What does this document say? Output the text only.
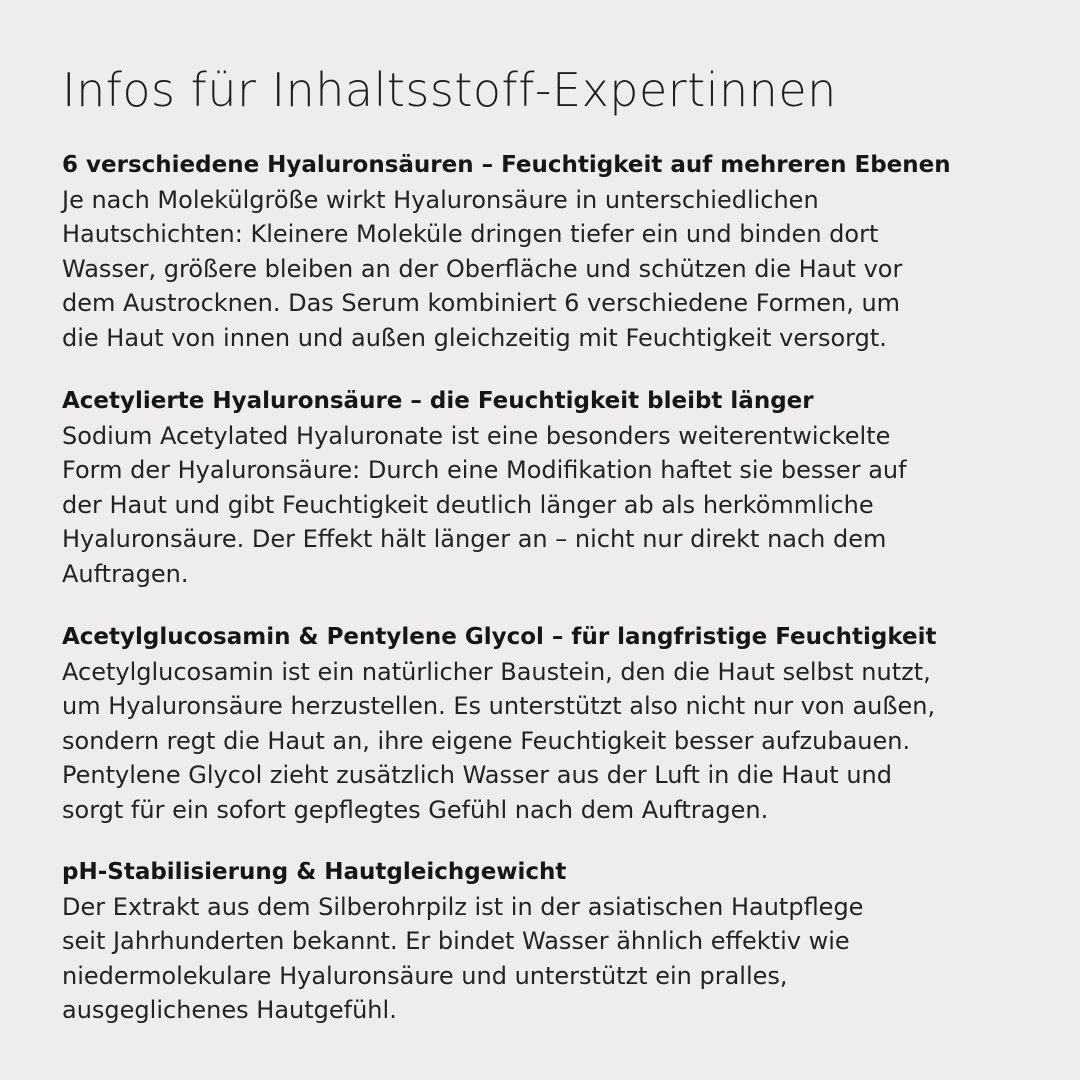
Infos für Inhaltsstoff-Expertinnen
6 verschiedene Hyaluronsäuren – Feuchtigkeit auf mehreren Ebenen
Je nach Molekülgröße wirkt Hyaluronsäure in unterschiedlichen
Hautschichten: Kleinere Moleküle dringen tiefer ein und binden dort
Wasser, größere bleiben an der Oberfläche und schützen die Haut vor
dem Austrocknen. Das Serum kombiniert 6 verschiedene Formen, um
die Haut von innen und außen gleichzeitig mit Feuchtigkeit versorgt.
Acetylierte Hyaluronsäure – die Feuchtigkeit bleibt länger
Sodium Acetylated Hyaluronate ist eine besonders weiterentwickelte
Form der Hyaluronsäure: Durch eine Modifikation haftet sie besser auf
der Haut und gibt Feuchtigkeit deutlich länger ab als herkömmliche
Hyaluronsäure. Der Effekt hält länger an – nicht nur direkt nach dem
Auftragen.
Acetylglucosamin & Pentylene Glycol – für langfristige Feuchtigkeit
Acetylglucosamin ist ein natürlicher Baustein, den die Haut selbst nutzt,
um Hyaluronsäure herzustellen. Es unterstützt also nicht nur von außen,
sondern regt die Haut an, ihre eigene Feuchtigkeit besser aufzubauen.
Pentylene Glycol zieht zusätzlich Wasser aus der Luft in die Haut und
sorgt für ein sofort gepflegtes Gefühl nach dem Auftragen.
pH-Stabilisierung & Hautgleichgewicht
Der Extrakt aus dem Silberohrpilz ist in der asiatischen Hautpflege
seit Jahrhunderten bekannt. Er bindet Wasser ähnlich effektiv wie
niedermolekulare Hyaluronsäure und unterstützt ein pralles,
ausgeglichenes Hautgefühl.
